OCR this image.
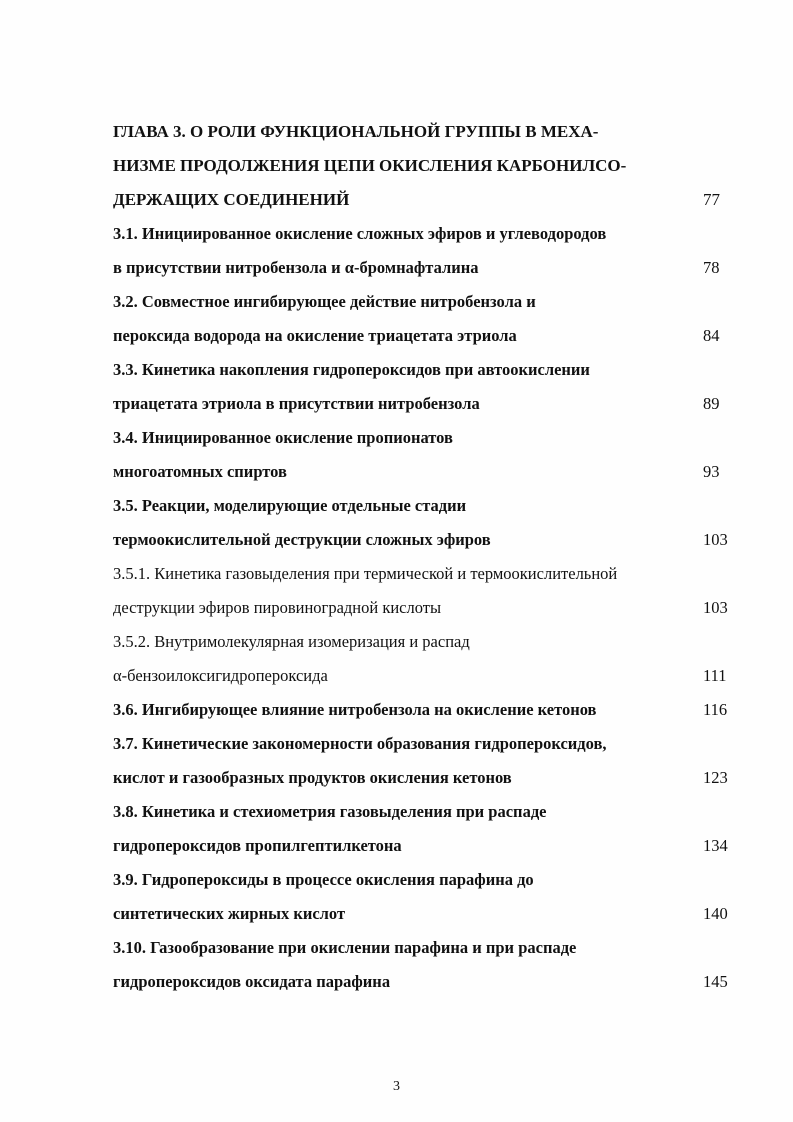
ГЛАВА 3. О РОЛИ ФУНКЦИОНАЛЬНОЙ ГРУППЫ В МЕХА-
НИЗМЕ ПРОДОЛЖЕНИЯ ЦЕПИ ОКИСЛЕНИЯ КАРБОНИЛСО-
ДЕРЖАЩИХ СОЕДИНЕНИЙ	77
3.1. Инициированное окисление сложных эфиров и углеводородов
в присутствии нитробензола и α-бромнафталина	78
3.2. Совместное ингибирующее действие нитробензола и
пероксида водорода на окисление триацетата этриола	84
3.3. Кинетика накопления гидропероксидов при автоокислении
триацетата этриола в присутствии нитробензола	89
3.4. Инициированное окисление пропионатов
многоатомных спиртов	93
3.5. Реакции, моделирующие отдельные стадии
термоокислительной деструкции сложных эфиров	103
3.5.1. Кинетика газовыделения при термической и термоокислительной
деструкции эфиров пировиноградной кислоты	103
3.5.2. Внутримолекулярная изомеризация и распад
α-бензоилоксигидропероксида	111
3.6. Ингибирующее влияние нитробензола на окисление кетонов	116
3.7. Кинетические закономерности образования гидропероксидов,
кислот и газообразных продуктов окисления кетонов	123
3.8. Кинетика и стехиометрия газовыделения при распаде
гидропероксидов пропилгептилкетона	134
3.9. Гидропероксиды в процессе окисления парафина до
синтетических жирных кислот	140
3.10. Газообразование при окислении парафина и при распаде
гидропероксидов оксидата парафина	145
3
